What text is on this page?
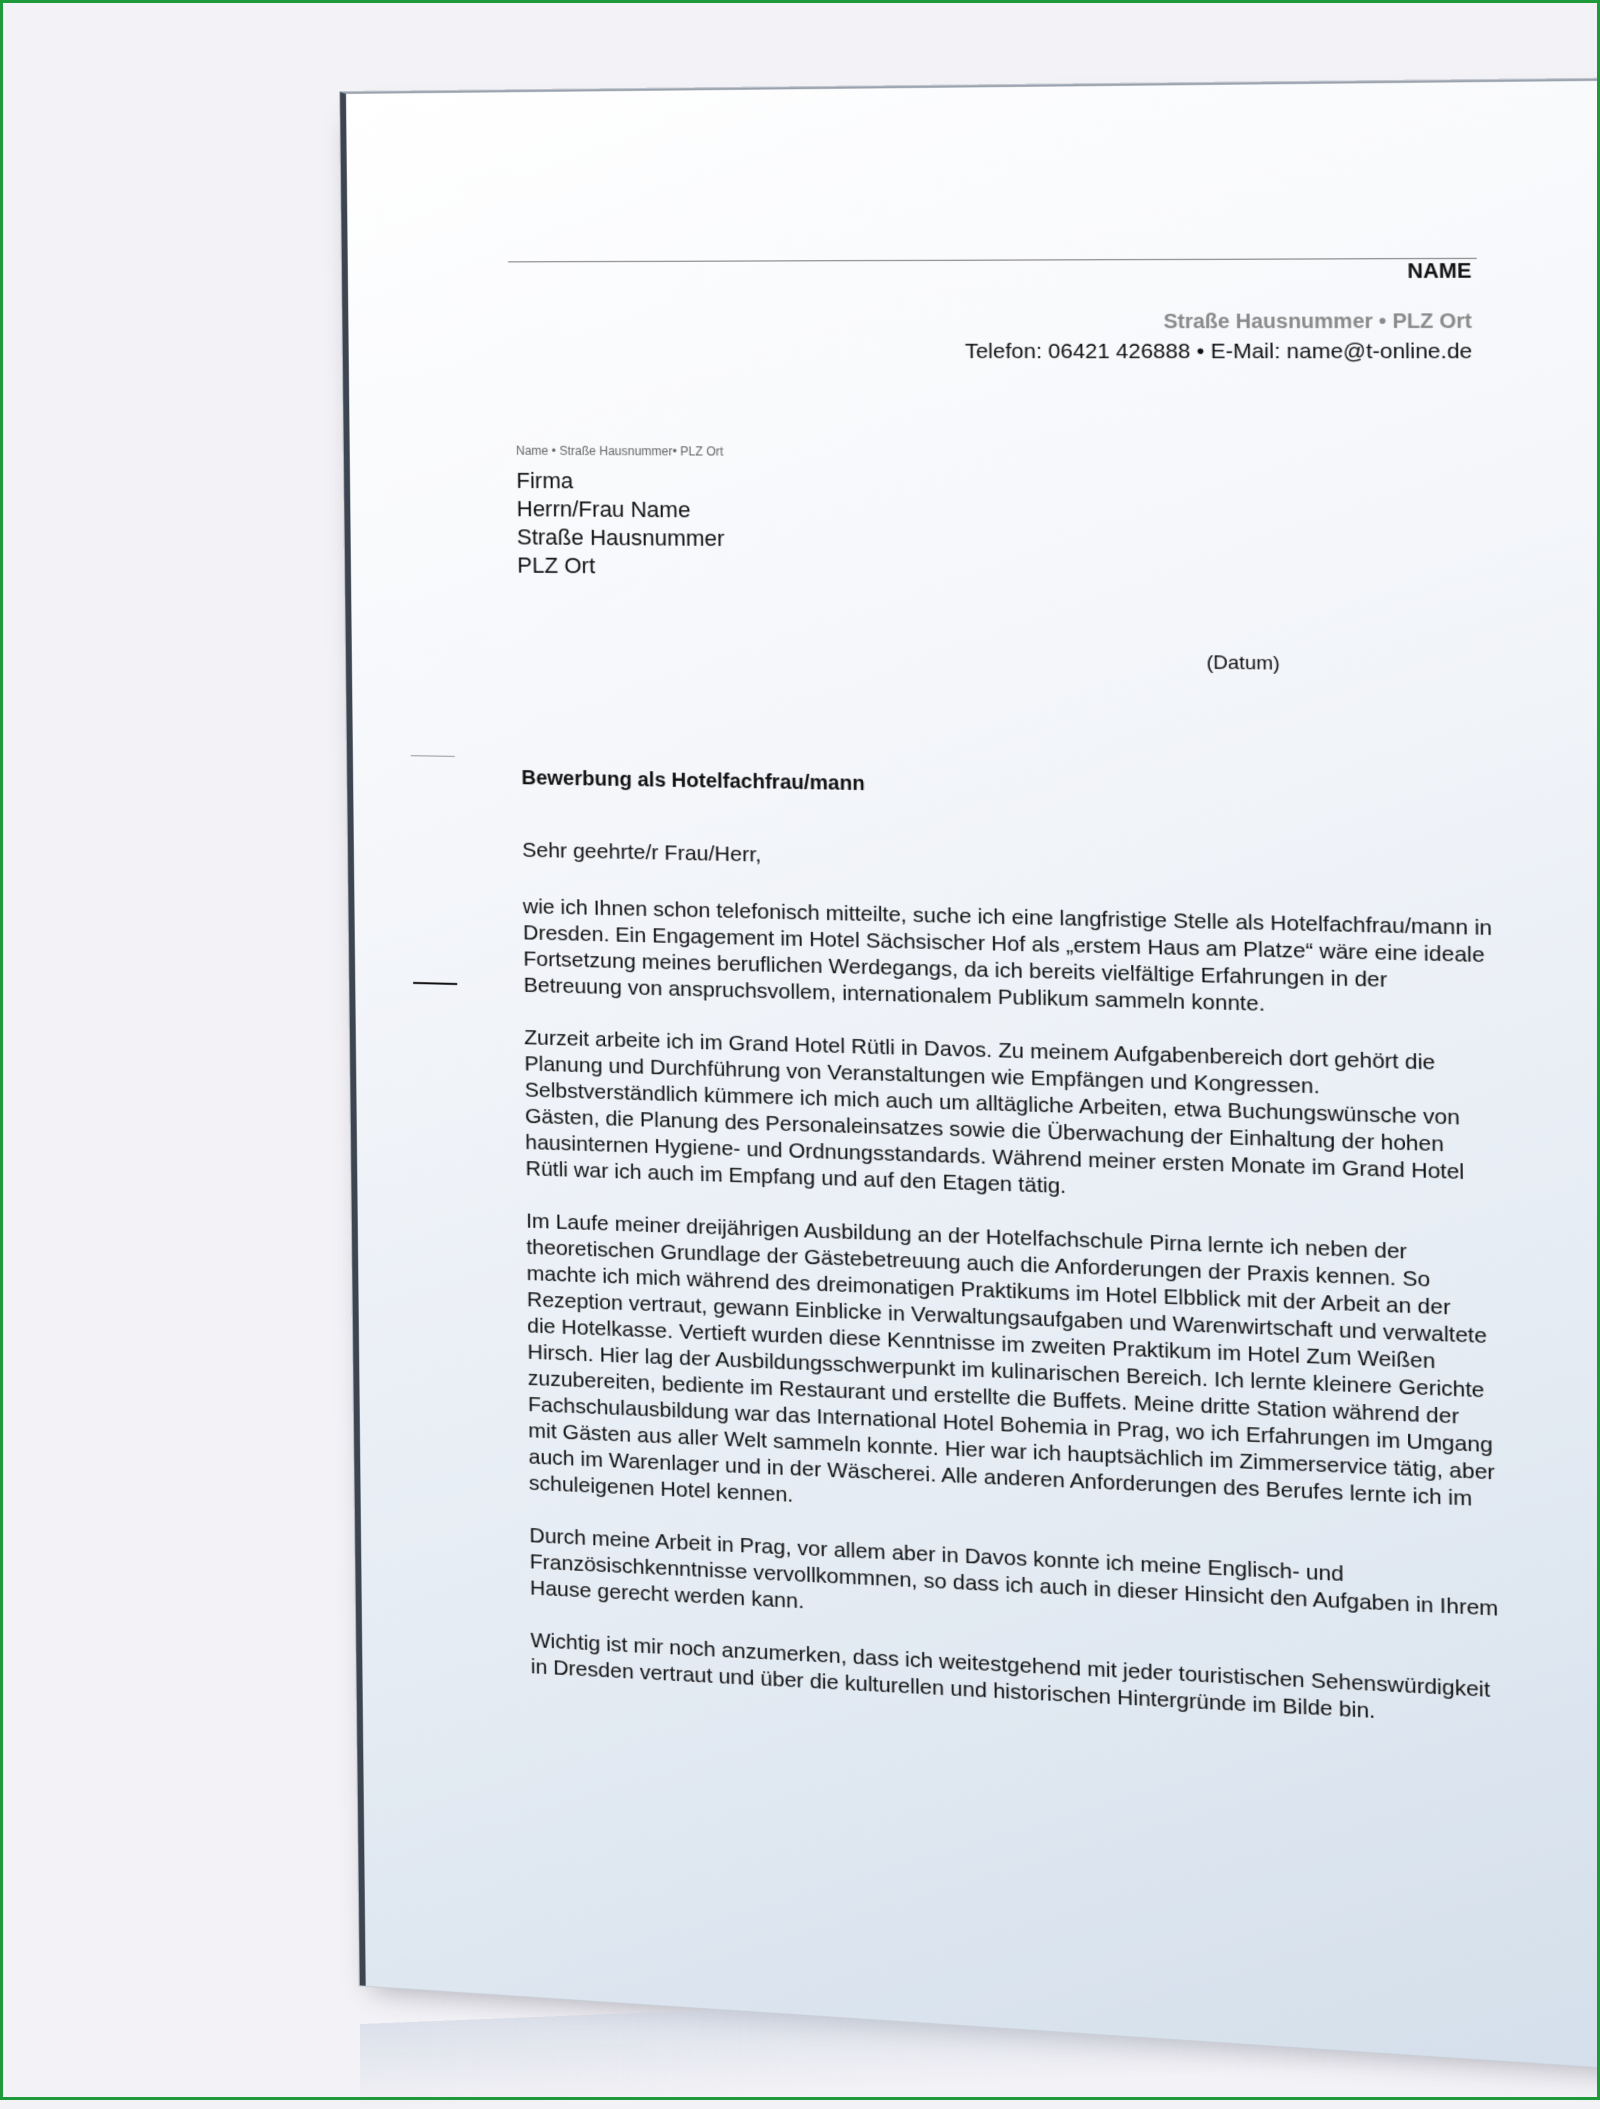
NAME
Straße Hausnummer • PLZ Ort
Telefon: 06421 426888 • E-Mail: name@t-online.de
Name • Straße Hausnummer• PLZ Ort
Firma
Herrn/Frau Name
Straße Hausnummer
PLZ Ort
(Datum)
Bewerbung als Hotelfachfrau/mann

Sehr geehrte/r Frau/Herr,

wie ich Ihnen schon telefonisch mitteilte, suche ich eine langfristige Stelle als Hotelfachfrau/mann in Dresden. Ein Engagement im Hotel Sächsischer Hof als „erstem Haus am Platze“ wäre eine ideale Fortsetzung meines beruflichen Werdegangs, da ich bereits vielfältige Erfahrungen in der Betreuung von anspruchsvollem, internationalem Publikum sammeln konnte.

Zurzeit arbeite ich im Grand Hotel Rütli in Davos. Zu meinem Aufgabenbereich dort gehört die Planung und Durchführung von Veranstaltungen wie Empfängen und Kongressen. Selbstverständlich kümmere ich mich auch um alltägliche Arbeiten, etwa Buchungswünsche von Gästen, die Planung des Personaleinsatzes sowie die Überwachung der Einhaltung der hohen hausinternen Hygiene- und Ordnungsstandards. Während meiner ersten Monate im Grand Hotel Rütli war ich auch im Empfang und auf den Etagen tätig.

Im Laufe meiner dreijährigen Ausbildung an der Hotelfachschule Pirna lernte ich neben der theoretischen Grundlage der Gästebetreuung auch die Anforderungen der Praxis kennen. So machte ich mich während des dreimonatigen Praktikums im Hotel Elbblick mit der Arbeit an der Rezeption vertraut, gewann Einblicke in Verwaltungsaufgaben und Warenwirtschaft und verwaltete die Hotelkasse. Vertieft wurden diese Kenntnisse im zweiten Praktikum im Hotel Zum Weißen Hirsch. Hier lag der Ausbildungsschwerpunkt im kulinarischen Bereich. Ich lernte kleinere Gerichte zuzubereiten, bediente im Restaurant und erstellte die Buffets. Meine dritte Station während der Fachschulausbildung war das International Hotel Bohemia in Prag, wo ich Erfahrungen im Umgang mit Gästen aus aller Welt sammeln konnte. Hier war ich hauptsächlich im Zimmerservice tätig, aber auch im Warenlager und in der Wäscherei. Alle anderen Anforderungen des Berufes lernte ich im schuleigenen Hotel kennen.

Durch meine Arbeit in Prag, vor allem aber in Davos konnte ich meine Englisch- und Französischkenntnisse vervollkommnen, so dass ich auch in dieser Hinsicht den Aufgaben in Ihrem Hause gerecht werden kann.

Wichtig ist mir noch anzumerken, dass ich weitestgehend mit jeder touristischen Sehenswürdigkeit in Dresden vertraut und über die kulturellen und historischen Hintergründe im Bilde bin.
